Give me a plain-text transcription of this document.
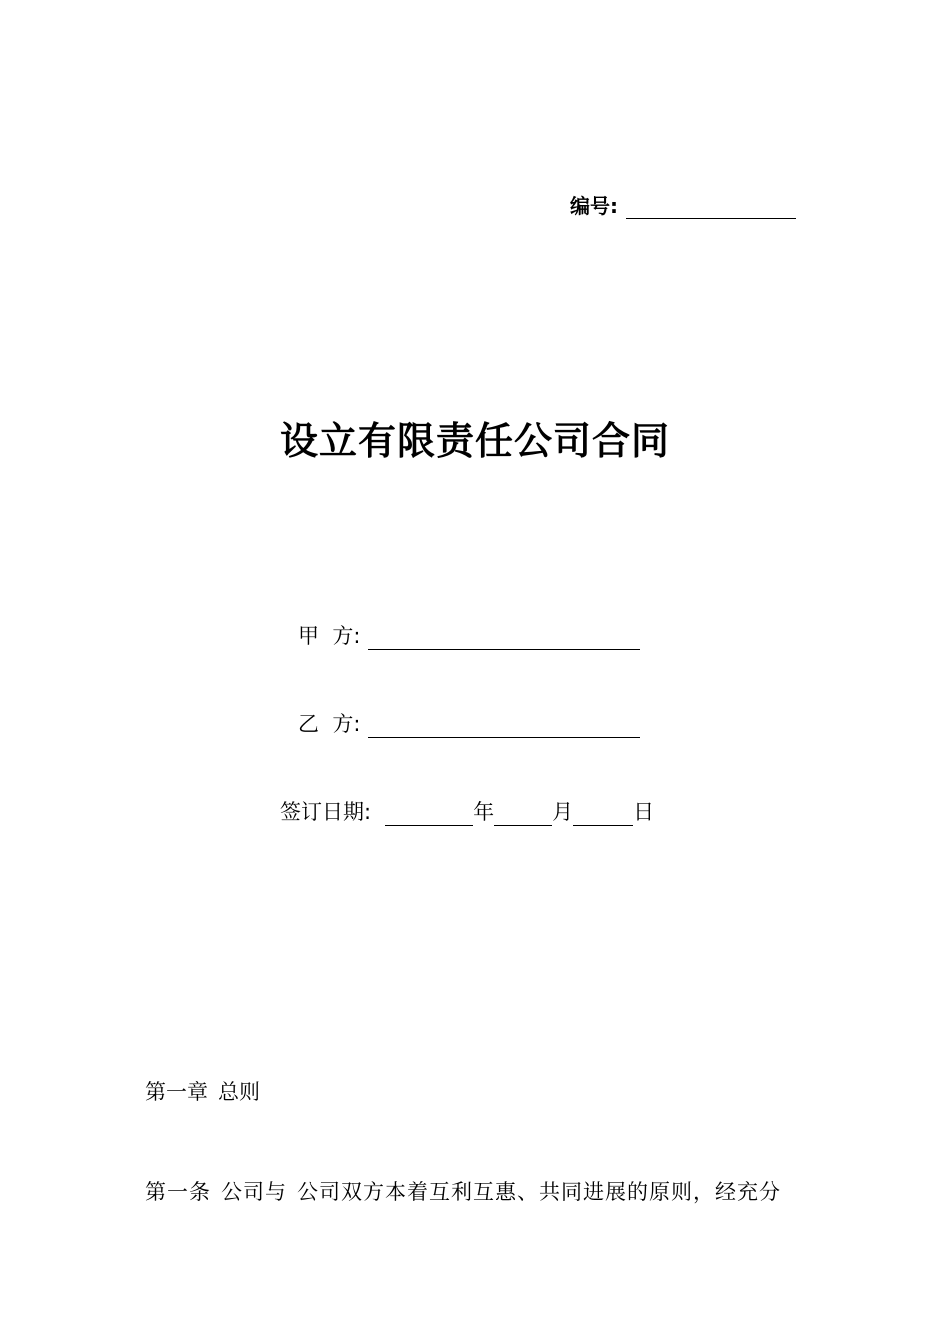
编号:
设立有限责任公司合同
甲  方:
乙  方:
签订日期:	年	月	日
第一章 总则
第一条 公司与 公司双方本着互利互惠、共同进展的原则，经充分
